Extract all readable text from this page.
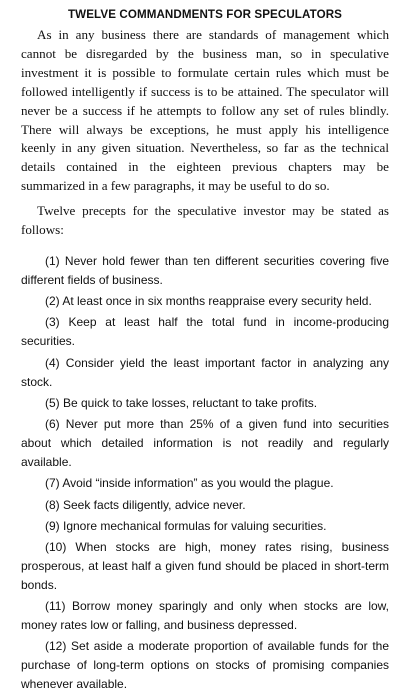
TWELVE COMMANDMENTS FOR SPECULATORS

As in any business there are standards of management which cannot be disregarded by the business man, so in speculative investment it is possible to formulate certain rules which must be followed intelligently if success is to be attained. The speculator will never be a success if he attempts to follow any set of rules blindly. There will always be exceptions, he must apply his intelligence keenly in any given situation. Nevertheless, so far as the technical details contained in the eighteen previous chapters may be summarized in a few paragraphs, it may be useful to do so.

Twelve precepts for the speculative investor may be stated as follows:

(1) Never hold fewer than ten different securities covering five different fields of business.

(2) At least once in six months reappraise every security held.

(3) Keep at least half the total fund in income-producing securities.

(4) Consider yield the least important factor in analyzing any stock.

(5) Be quick to take losses, reluctant to take profits.

(6) Never put more than 25% of a given fund into securities about which detailed information is not readily and regularly available.

(7) Avoid “inside information” as you would the plague.

(8) Seek facts diligently, advice never.

(9) Ignore mechanical formulas for valuing securities.

(10) When stocks are high, money rates rising, business prosperous, at least half a given fund should be placed in short-term bonds.

(11) Borrow money sparingly and only when stocks are low, money rates low or falling, and business depressed.

(12) Set aside a moderate proportion of available funds for the purchase of long-term options on stocks of promising companies whenever available.
